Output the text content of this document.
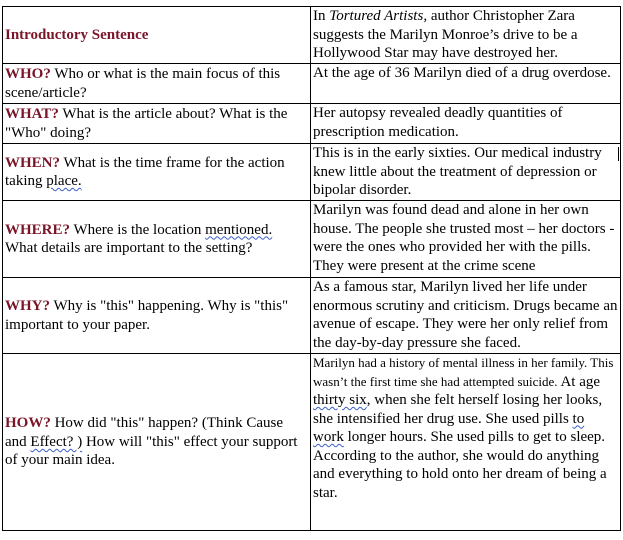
Introductory Sentence	In Tortured Artists, author Christopher Zara suggests the Marilyn Monroe’s drive to be a Hollywood Star may have destroyed her.
WHO? Who or what is the main focus of this scene/article?	At the age of 36 Marilyn died of a drug overdose.
WHAT? What is the article about? What is the "Who" doing?	Her autopsy revealed deadly quantities of prescription medication.
WHEN? What is the time frame for the action taking place.	This is in the early sixties. Our medical industry knew little about the treatment of depression or bipolar disorder.
WHERE? Where is the location mentioned. What details are important to the setting?	Marilyn was found dead and alone in her own house. The people she trusted most – her doctors - were the ones who provided her with the pills. They were present at the crime scene
WHY? Why is "this" happening. Why is "this" important to your paper.	As a famous star, Marilyn lived her life under enormous scrutiny and criticism. Drugs became an avenue of escape. They were her only relief from the day-by-day pressure she faced.
HOW? How did "this" happen? (Think Cause and Effect? ) How will "this" effect your support of your main idea.	Marilyn had a history of mental illness in her family. This wasn’t the first time she had attempted suicide. At age thirty six, when she felt herself losing her looks, she intensified her drug use. She used pills to work longer hours. She used pills to get to sleep. According to the author, she would do anything and everything to hold onto her dream of being a star.
